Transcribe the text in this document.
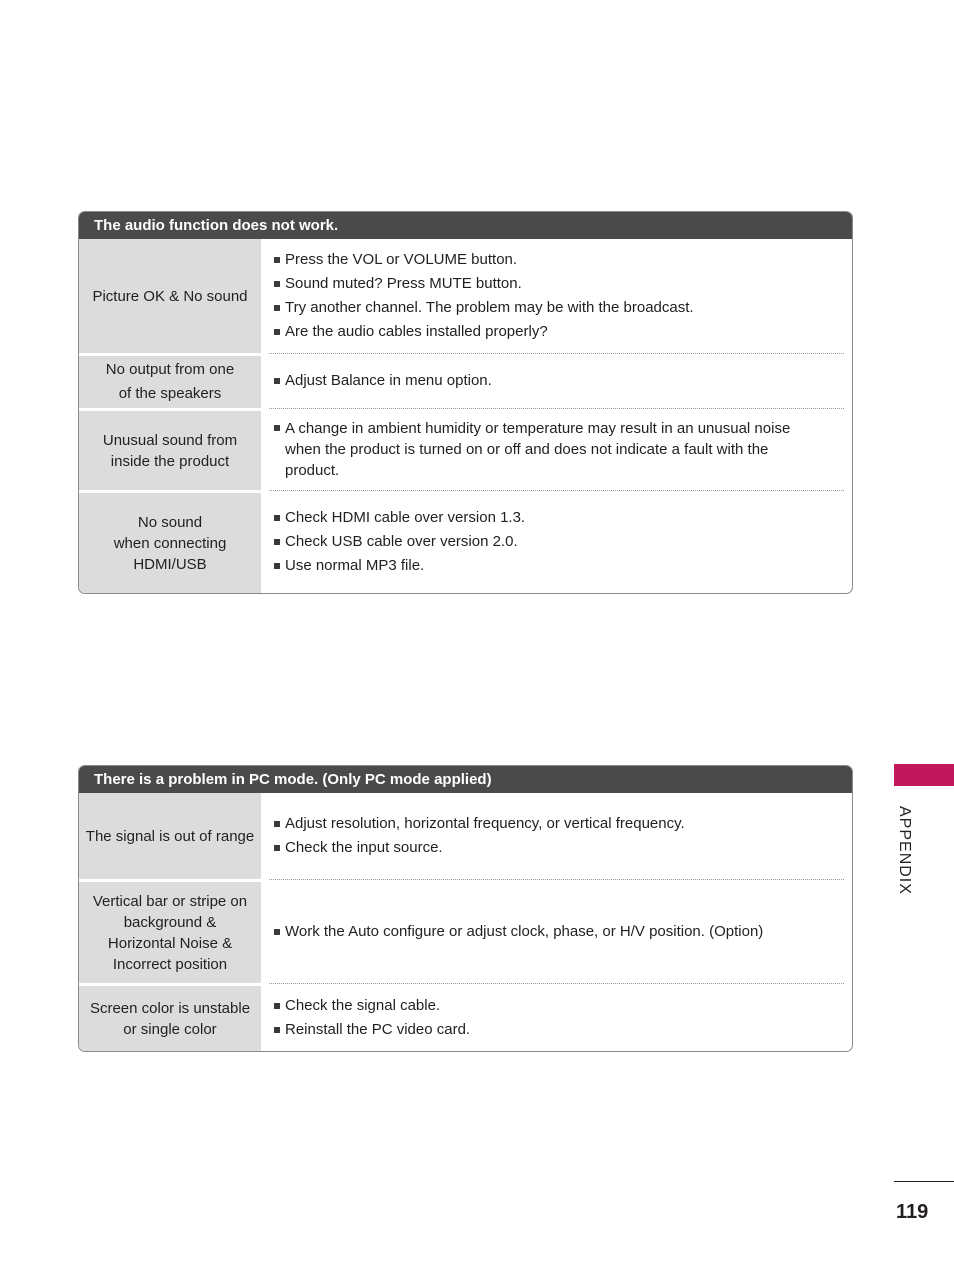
The audio function does not work.
Picture OK & No sound
Press the VOL or VOLUME button.
Sound muted? Press MUTE button.
Try another channel. The problem may be with the broadcast.
Are the audio cables installed properly?
No output from one
of the speakers
Adjust Balance in menu option.
Unusual sound from
inside the product
A change in ambient humidity or temperature may result in an unusual noise when the product is turned on or off and does not indicate a fault with the product.
No sound
when connecting
HDMI/USB
Check HDMI cable over version 1.3.
Check USB cable over version 2.0.
Use normal MP3 file.
There is a problem in PC mode. (Only PC mode applied)
The signal is out of range
Adjust resolution, horizontal frequency, or vertical frequency.
Check the input source.
Vertical bar or stripe on
background &
Horizontal Noise &
Incorrect position
Work the Auto configure or adjust clock, phase, or H/V position. (Option)
Screen color is unstable
or single color
Check the signal cable.
Reinstall the PC video card.
APPENDIX
119
